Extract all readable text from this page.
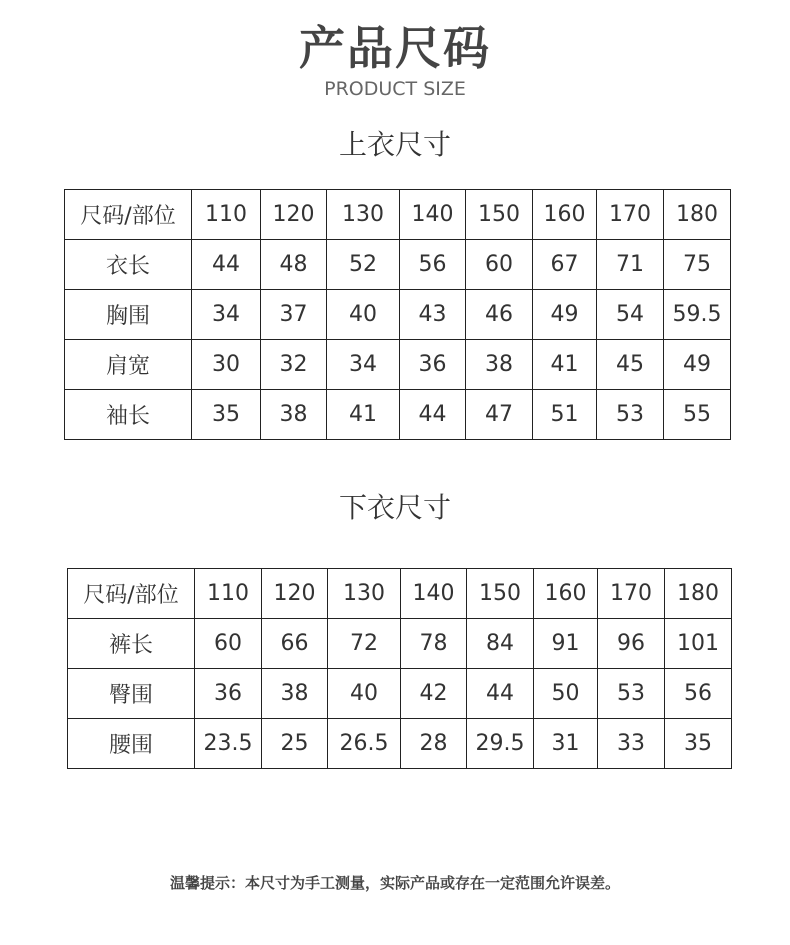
产品尺码
PRODUCT SIZE
上衣尺寸
尺码/部位	110	120	130	140	150	160	170	180
衣长	44	48	52	56	60	67	71	75
胸围	34	37	40	43	46	49	54	59.5
肩宽	30	32	34	36	38	41	45	49
袖长	35	38	41	44	47	51	53	55
下衣尺寸
尺码/部位	110	120	130	140	150	160	170	180
裤长	60	66	72	78	84	91	96	101
臀围	36	38	40	42	44	50	53	56
腰围	23.5	25	26.5	28	29.5	31	33	35
温馨提示：本尺寸为手工测量，实际产品或存在一定范围允许误差。
